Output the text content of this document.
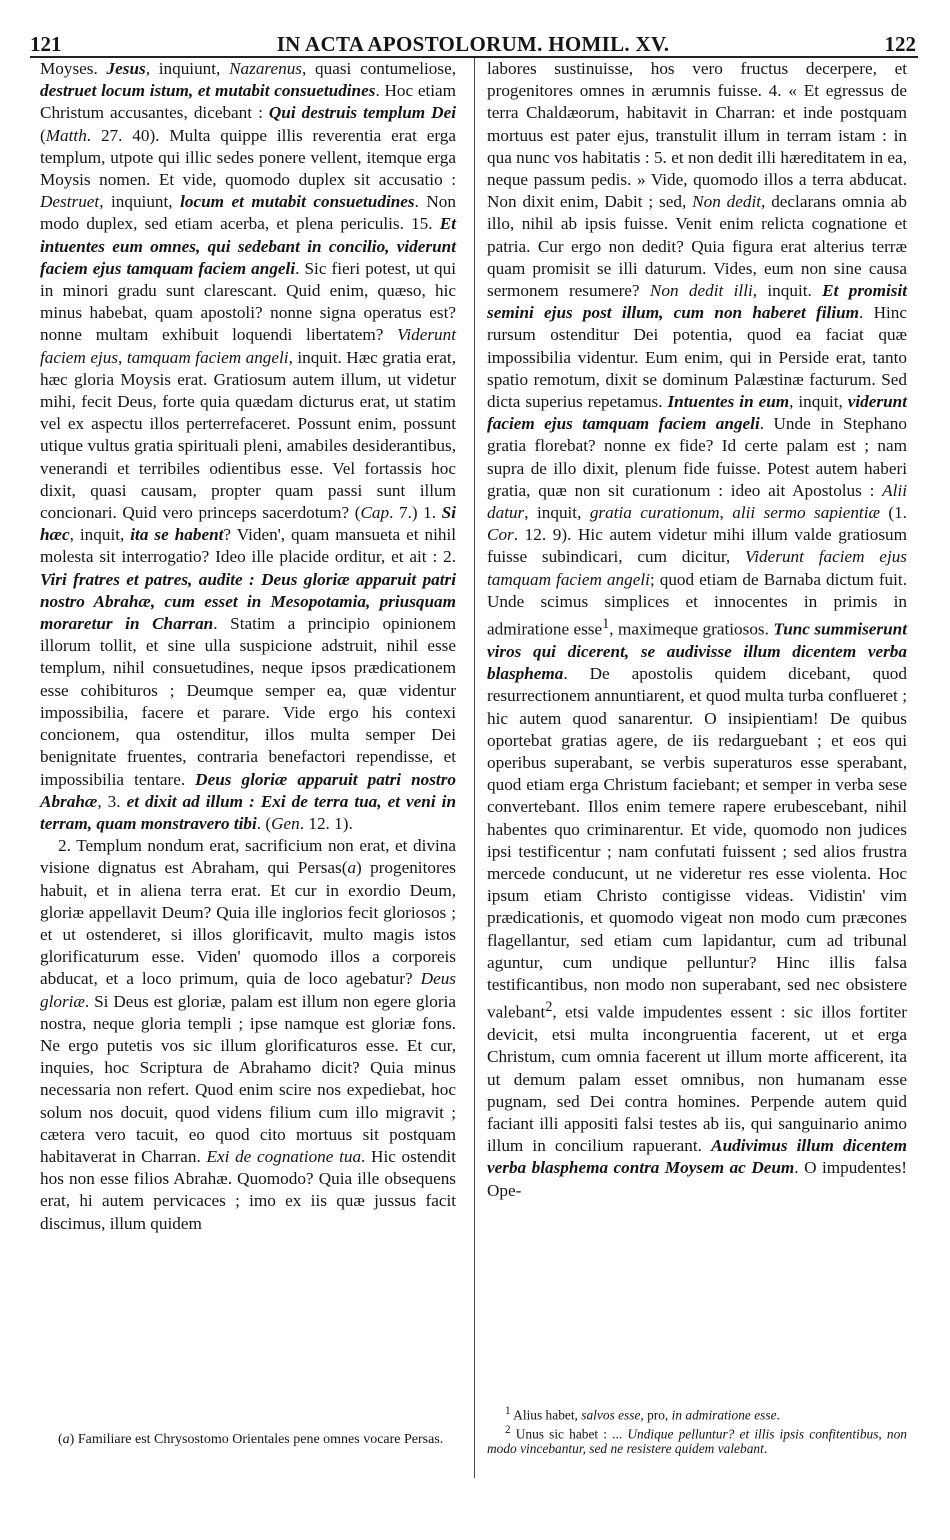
121	IN ACTA APOSTOLORUM. HOMIL. XV.	122

Moyses. Jesus, inquiunt, Nazarenus, quasi contumeliose, destruet locum istum, et mutabit consuetudines. Hoc etiam Christum accusantes, dicebant : Qui destruis templum Dei (Matth. 27. 40). Multa quippe illis reverentia erat erga templum, utpote qui illic sedes ponere vellent, itemque erga Moysis nomen. Et vide, quomodo duplex sit accusatio : Destruet, inquiunt, locum et mutabit consuetudines. Non modo duplex, sed etiam acerba, et plena periculis. 15. Et intuentes eum omnes, qui sedebant in concilio, viderunt faciem ejus tamquam faciem angeli. Sic fieri potest, ut qui in minori gradu sunt clarescant. Quid enim, quæso, hic minus habebat, quam apostoli? nonne signa operatus est? nonne multam exhibuit loquendi libertatem? Viderunt faciem ejus, tamquam faciem angeli, inquit. Hæc gratia erat, hæc gloria Moysis erat. Gratiosum autem illum, ut videtur mihi, fecit Deus, forte quia quædam dicturus erat, ut statim vel ex aspectu illos perterrefaceret. Possunt enim, possunt utique vultus gratia spirituali pleni, amabiles desiderantibus, venerandi et terribiles odientibus esse. Vel fortassis hoc dixit, quasi causam, propter quam passi sunt illum concionari. Quid vero princeps sacerdotum? (Cap. 7.) 1. Si hæc, inquit, ita se habent? Viden', quam mansueta et nihil molesta sit interrogatio? Ideo ille placide orditur, et ait : 2. Viri fratres et patres, audite : Deus gloriæ apparuit patri nostro Abrahæ, cum esset in Mesopotamia, priusquam moraretur in Charran. Statim a principio opinionem illorum tollit, et sine ulla suspicione adstruit, nihil esse templum, nihil consuetudines, neque ipsos prædicationem esse cohibituros ; Deumque semper ea, quæ videntur impossibilia, facere et parare. Vide ergo his contexi concionem, qua ostenditur, illos multa semper Dei benignitate fruentes, contraria benefactori rependisse, et impossibilia tentare. Deus gloriæ apparuit patri nostro Abrahæ, 3. et dixit ad illum : Exi de terra tua, et veni in terram, quam monstravero tibi. (Gen. 12. 1).

2. Templum nondum erat, sacrificium non erat, et divina visione dignatus est Abraham, qui Persas(a) progenitores habuit, et in aliena terra erat. Et cur in exordio Deum, gloriæ appellavit Deum? Quia ille inglorios fecit gloriosos ; et ut ostenderet, si illos glorificavit, multo magis istos glorificaturum esse. Viden' quomodo illos a corporeis abducat, et a loco primum, quia de loco agebatur? Deus gloriæ. Si Deus est gloriæ, palam est illum non egere gloria nostra, neque gloria templi ; ipse namque est gloriæ fons. Ne ergo putetis vos sic illum glorificaturos esse. Et cur, inquies, hoc Scriptura de Abrahamo dicit? Quia minus necessaria non refert. Quod enim scire nos expediebat, hoc solum nos docuit, quod videns filium cum illo migravit ; cætera vero tacuit, eo quod cito mortuus sit postquam habitaverat in Charran. Exi de cognatione tua. Hic ostendit hos non esse filios Abrahæ. Quomodo? Quia ille obsequens erat, hi autem pervicaces ; imo ex iis quæ jussus facit discimus, illum quidem

(a) Familiare est Chrysostomo Orientales pene omnes vocare Persas.

labores sustinuisse, hos vero fructus decerpere, et progenitores omnes in ærumnis fuisse. 4. « Et egressus de terra Chaldæorum, habitavit in Charran: et inde postquam mortuus est pater ejus, transtulit illum in terram istam : in qua nunc vos habitatis : 5. et non dedit illi hæreditatem in ea, neque passum pedis. » Vide, quomodo illos a terra abducat. Non dixit enim, Dabit ; sed, Non dedit, declarans omnia ab illo, nihil ab ipsis fuisse. Venit enim relicta cognatione et patria. Cur ergo non dedit? Quia figura erat alterius terræ quam promisit se illi daturum. Vides, eum non sine causa sermonem resumere? Non dedit illi, inquit. Et promisit semini ejus post illum, cum non haberet filium. Hinc rursum ostenditur Dei potentia, quod ea faciat quæ impossibilia videntur. Eum enim, qui in Perside erat, tanto spatio remotum, dixit se dominum Palæstinæ facturum. Sed dicta superius repetamus. Intuentes in eum, inquit, viderunt faciem ejus tamquam faciem angeli. Unde in Stephano gratia florebat? nonne ex fide? Id certe palam est ; nam supra de illo dixit, plenum fide fuisse. Potest autem haberi gratia, quæ non sit curationum : ideo ait Apostolus : Alii datur, inquit, gratia curationum, alii sermo sapientiæ (1. Cor. 12. 9). Hic autem videtur mihi illum valde gratiosum fuisse subindicari, cum dicitur, Viderunt faciem ejus tamquam faciem angeli; quod etiam de Barnaba dictum fuit. Unde scimus simplices et innocentes in primis in admiratione esse$^1$, maximeque gratiosos. Tunc summiserunt viros qui dicerent, se audivisse illum dicentem verba blasphema. De apostolis quidem dicebant, quod resurrectionem annuntiarent, et quod multa turba conflueret ; hic autem quod sanarentur. O insipientiam! De quibus oportebat gratias agere, de iis redarguebant ; et eos qui operibus superabant, se verbis superaturos esse sperabant, quod etiam erga Christum faciebant; et semper in verba sese convertebant. Illos enim temere rapere erubescebant, nihil habentes quo criminarentur. Et vide, quomodo non judices ipsi testificentur ; nam confutati fuissent ; sed alios frustra mercede conducunt, ut ne videretur res esse violenta. Hoc ipsum etiam Christo contigisse videas. Vidistin' vim prædicationis, et quomodo vigeat non modo cum præcones flagellantur, sed etiam cum lapidantur, cum ad tribunal aguntur, cum undique pelluntur? Hinc illis falsa testificantibus, non modo non superabant, sed nec obsistere valebant$^2$, etsi valde impudentes essent : sic illos fortiter devicit, etsi multa incongruentia facerent, ut et erga Christum, cum omnia facerent ut illum morte afficerent, ita ut demum palam esset omnibus, non humanam esse pugnam, sed Dei contra homines. Perpende autem quid faciant illi appositi falsi testes ab iis, qui sanguinario animo illum in concilium rapuerant. Audivimus illum dicentem verba blasphema contra Moysem ac Deum. O impudentes! Ope-

$^1$ Alius habet, salvos esse, pro, in admiratione esse.

$^2$ Unus sic habet : ... Undique pelluntur? et illis ipsis confitentibus, non modo vincebantur, sed ne resistere quidem valebant.
